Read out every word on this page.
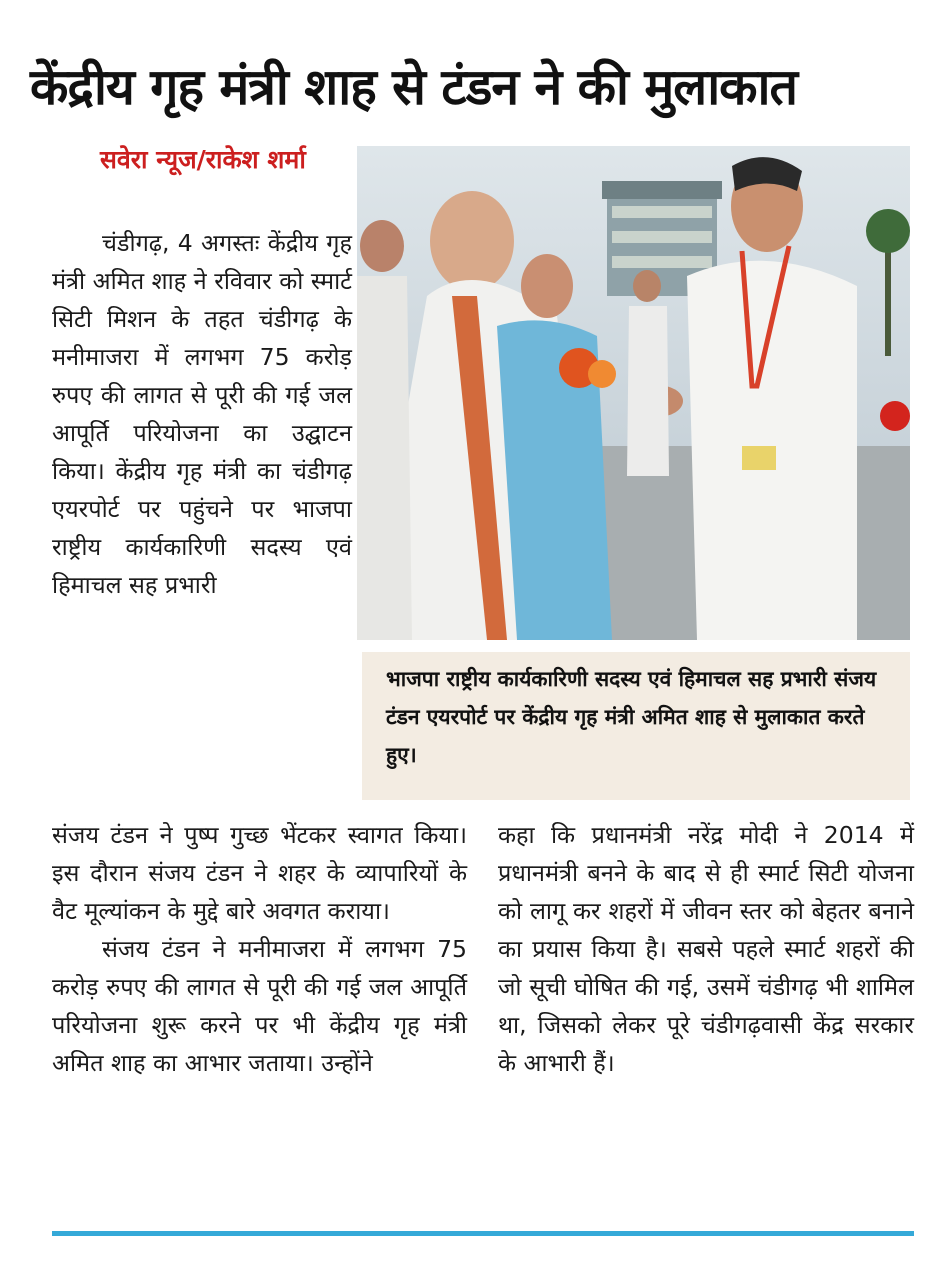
केंद्रीय गृह मंत्री शाह से टंडन ने की मुलाकात
सवेरा न्यूज/राकेश शर्मा

चंडीगढ़, 4 अगस्तः केंद्रीय गृह मंत्री अमित शाह ने रविवार को स्मार्ट सिटी मिशन के तहत चंडीगढ़ के मनीमाजरा में लगभग 75 करोड़ रुपए की लागत से पूरी की गई जल आपूर्ति परियोजना का उद्घाटन किया। केंद्रीय गृह मंत्री का चंडीगढ़ एयरपोर्ट पर पहुंचने पर भाजपा राष्ट्रीय कार्यकारिणी सदस्य एवं हिमाचल सह प्रभारी

भाजपा राष्ट्रीय कार्यकारिणी सदस्य एवं हिमाचल सह प्रभारी संजय टंडन एयरपोर्ट पर केंद्रीय गृह मंत्री अमित शाह से मुलाकात करते हुए।

संजय टंडन ने पुष्प गुच्छ भेंटकर स्वागत किया। इस दौरान संजय टंडन ने शहर के व्यापारियों के वैट मूल्यांकन के मुद्दे बारे अवगत कराया।

संजय टंडन ने मनीमाजरा में लगभग 75 करोड़ रुपए की लागत से पूरी की गई जल आपूर्ति परियोजना शुरू करने पर भी केंद्रीय गृह मंत्री अमित शाह का आभार जताया। उन्होंने

कहा कि प्रधानमंत्री नरेंद्र मोदी ने 2014 में प्रधानमंत्री बनने के बाद से ही स्मार्ट सिटी योजना को लागू कर शहरों में जीवन स्तर को बेहतर बनाने का प्रयास किया है। सबसे पहले स्मार्ट शहरों की जो सूची घोषित की गई, उसमें चंडीगढ़ भी शामिल था, जिसको लेकर पूरे चंडीगढ़वासी केंद्र सरकार के आभारी हैं।
